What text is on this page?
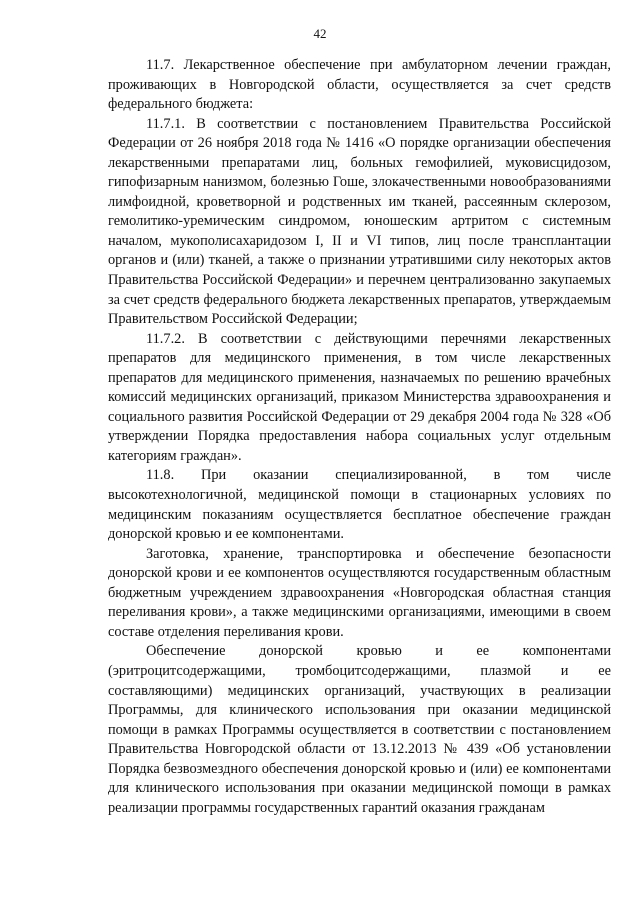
42

11.7. Лекарственное обеспечение при амбулаторном лечении граждан, проживающих в Новгородской области, осуществляется за счет средств федерального бюджета:

11.7.1. В соответствии с постановлением Правительства Российской Федерации от 26 ноября 2018 года № 1416 «О порядке организации обеспечения лекарственными препаратами лиц, больных гемофилией, муковисцидозом, гипофизарным нанизмом, болезнью Гоше, злокачественными новообразованиями лимфоидной, кроветворной и родственных им тканей, рассеянным склерозом, гемолитико-уремическим синдромом, юношеским артритом с системным началом, мукополисахаридозом I, II и VI типов, лиц после трансплантации органов и (или) тканей, а также о признании утратившими силу некоторых актов Правительства Российской Федерации» и перечнем централизованно закупаемых за счет средств федерального бюджета лекарственных препаратов, утверждаемым Правительством Российской Федерации;

11.7.2. В соответствии с действующими перечнями лекарственных препаратов для медицинского применения, в том числе лекарственных препаратов для медицинского применения, назначаемых по решению врачебных комиссий медицинских организаций, приказом Министерства здравоохранения и социального развития Российской Федерации от 29 декабря 2004 года № 328 «Об утверждении Порядка предоставления набора социальных услуг отдельным категориям граждан».

11.8. При оказании специализированной, в том числе высокотехнологичной, медицинской помощи в стационарных условиях по медицинским показаниям осуществляется бесплатное обеспечение граждан донорской кровью и ее компонентами.

Заготовка, хранение, транспортировка и обеспечение безопасности донорской крови и ее компонентов осуществляются государственным областным бюджетным учреждением здравоохранения «Новгородская областная станция переливания крови», а также медицинскими организациями, имеющими в своем составе отделения переливания крови.

Обеспечение донорской кровью и ее компонентами (эритроцитсодержащими, тромбоцитсодержащими, плазмой и ее составляющими) медицинских организаций, участвующих в реализации Программы, для клинического использования при оказании медицинской помощи в рамках Программы осуществляется в соответствии с постановлением Правительства Новгородской области от 13.12.2013 № 439 «Об установлении Порядка безвозмездного обеспечения донорской кровью и (или) ее компонентами для клинического использования при оказании медицинской помощи в рамках реализации программы государственных гарантий оказания гражданам
